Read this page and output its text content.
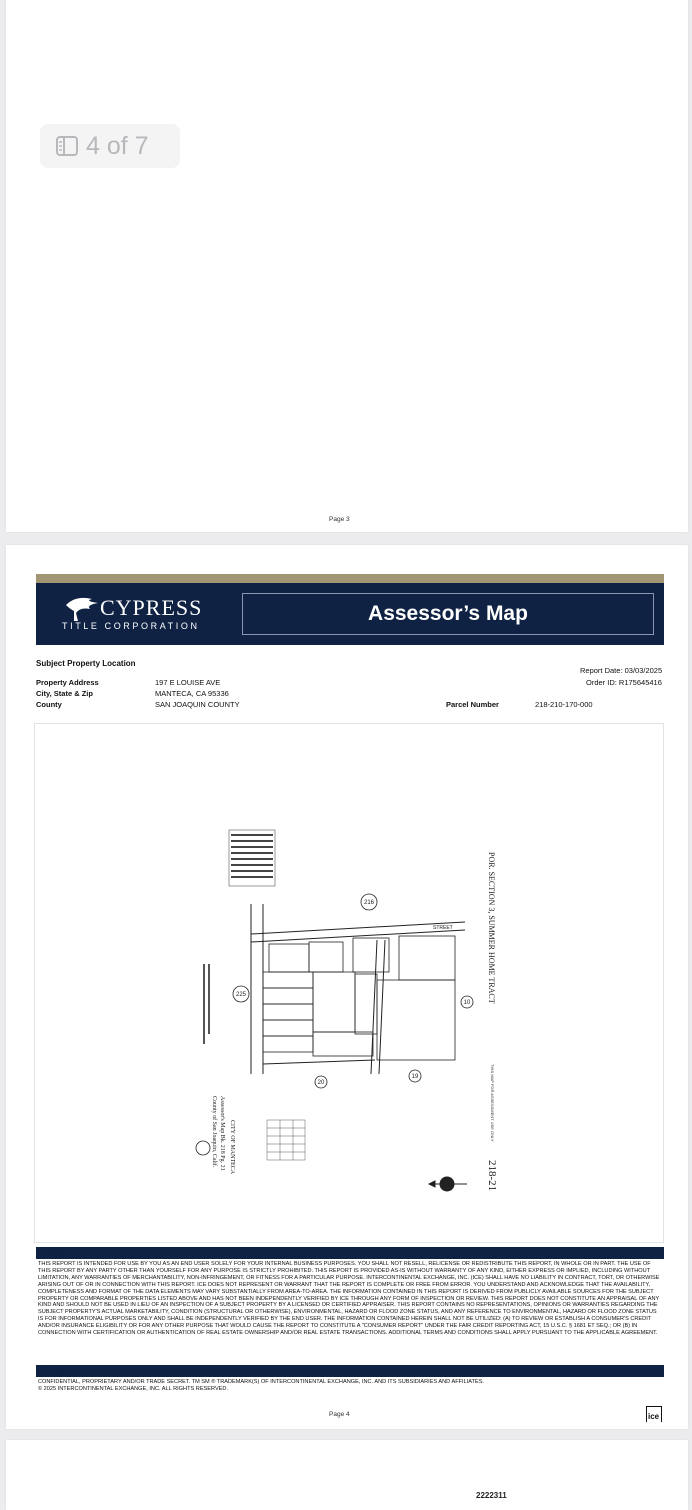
4 of 7
Page 3
CYPRESS
TITLE CORPORATION
Assessor’s Map
Subject Property Location
Report Date: 03/03/2025
Order ID: R175645416
Property Address	197 E LOUISE AVE
City, State & Zip	MANTECA, CA 95336
County	SAN JOAQUIN COUNTY	Parcel Number	218-210-170-000
216
225
10
19
20
STREET	POR. SECTION 3, SUMMER HOME TRACT
218-21
THIS MAP FOR ASSESSMENT USE ONLY
CITY OF MANTECA
Assessor's Map Bk. 218 Pg. 21
County of San Joaquin, Calif.
Disclaimer
THIS REPORT IS INTENDED FOR USE BY YOU AS AN END USER SOLELY FOR YOUR INTERNAL BUSINESS PURPOSES. YOU SHALL NOT RESELL, RELICENSE OR REDISTRIBUTE THIS REPORT, IN WHOLE OR IN PART. THE USE OF THIS REPORT BY ANY PARTY OTHER THAN YOURSELF FOR ANY PURPOSE IS STRICTLY PROHIBITED. THIS REPORT IS PROVIDED AS-IS WITHOUT WARRANTY OF ANY KIND, EITHER EXPRESS OR IMPLIED, INCLUDING WITHOUT LIMITATION, ANY WARRANTIES OF MERCHANTABILITY, NON-INFRINGEMENT, OR FITNESS FOR A PARTICULAR PURPOSE. INTERCONTINENTAL EXCHANGE, INC. (ICE) SHALL HAVE NO LIABILITY IN CONTRACT, TORT, OR OTHERWISE ARISING OUT OF OR IN CONNECTION WITH THIS REPORT. ICE DOES NOT REPRESENT OR WARRANT THAT THE REPORT IS COMPLETE OR FREE FROM ERROR. YOU UNDERSTAND AND ACKNOWLEDGE THAT THE AVAILABILITY, COMPLETENESS AND FORMAT OF THE DATA ELEMENTS MAY VARY SUBSTANTIALLY FROM AREA-TO-AREA. THE INFORMATION CONTAINED IN THIS REPORT IS DERIVED FROM PUBLICLY AVAILABLE SOURCES FOR THE SUBJECT PROPERTY OR COMPARABLE PROPERTIES LISTED ABOVE AND HAS NOT BEEN INDEPENDENTLY VERIFIED BY ICE THROUGH ANY FORM OF INSPECTION OR REVIEW. THIS REPORT DOES NOT CONSTITUTE AN APPRAISAL OF ANY KIND AND SHOULD NOT BE USED IN LIEU OF AN INSPECTION OF A SUBJECT PROPERTY BY A LICENSED OR CERTIFIED APPRAISER. THIS REPORT CONTAINS NO REPRESENTATIONS, OPINIONS OR WARRANTIES REGARDING THE SUBJECT PROPERTY'S ACTUAL MARKETABILITY, CONDITION (STRUCTURAL OR OTHERWISE), ENVIRONMENTAL, HAZARD OR FLOOD ZONE STATUS, AND ANY REFERENCE TO ENVIRONMENTAL, HAZARD OR FLOOD ZONE STATUS IS FOR INFORMATIONAL PURPOSES ONLY AND SHALL BE INDEPENDENTLY VERIFIED BY THE END USER. THE INFORMATION CONTAINED HEREIN SHALL NOT BE UTILIZED: (A) TO REVIEW OR ESTABLISH A CONSUMER'S CREDIT AND/OR INSURANCE ELIGIBILITY OR FOR ANY OTHER PURPOSE THAT WOULD CAUSE THE REPORT TO CONSTITUTE A "CONSUMER REPORT" UNDER THE FAIR CREDIT REPORTING ACT, 15 U.S.C. § 1681 ET SEQ.; OR (B) IN CONNECTION WITH CERTIFICATION OR AUTHENTICATION OF REAL ESTATE OWNERSHIP AND/OR REAL ESTATE TRANSACTIONS. ADDITIONAL TERMS AND CONDITIONS SHALL APPLY PURSUANT TO THE APPLICABLE AGREEMENT.
Copyright
CONFIDENTIAL, PROPRIETARY AND/OR TRADE SECRET. TM SM ® TRADEMARK(S) OF INTERCONTINENTAL EXCHANGE, INC. AND ITS SUBSIDIARIES AND AFFILIATES.
© 2025 INTERCONTINENTAL EXCHANGE, INC. ALL RIGHTS RESERVED.
Page 4	ice
2222311
